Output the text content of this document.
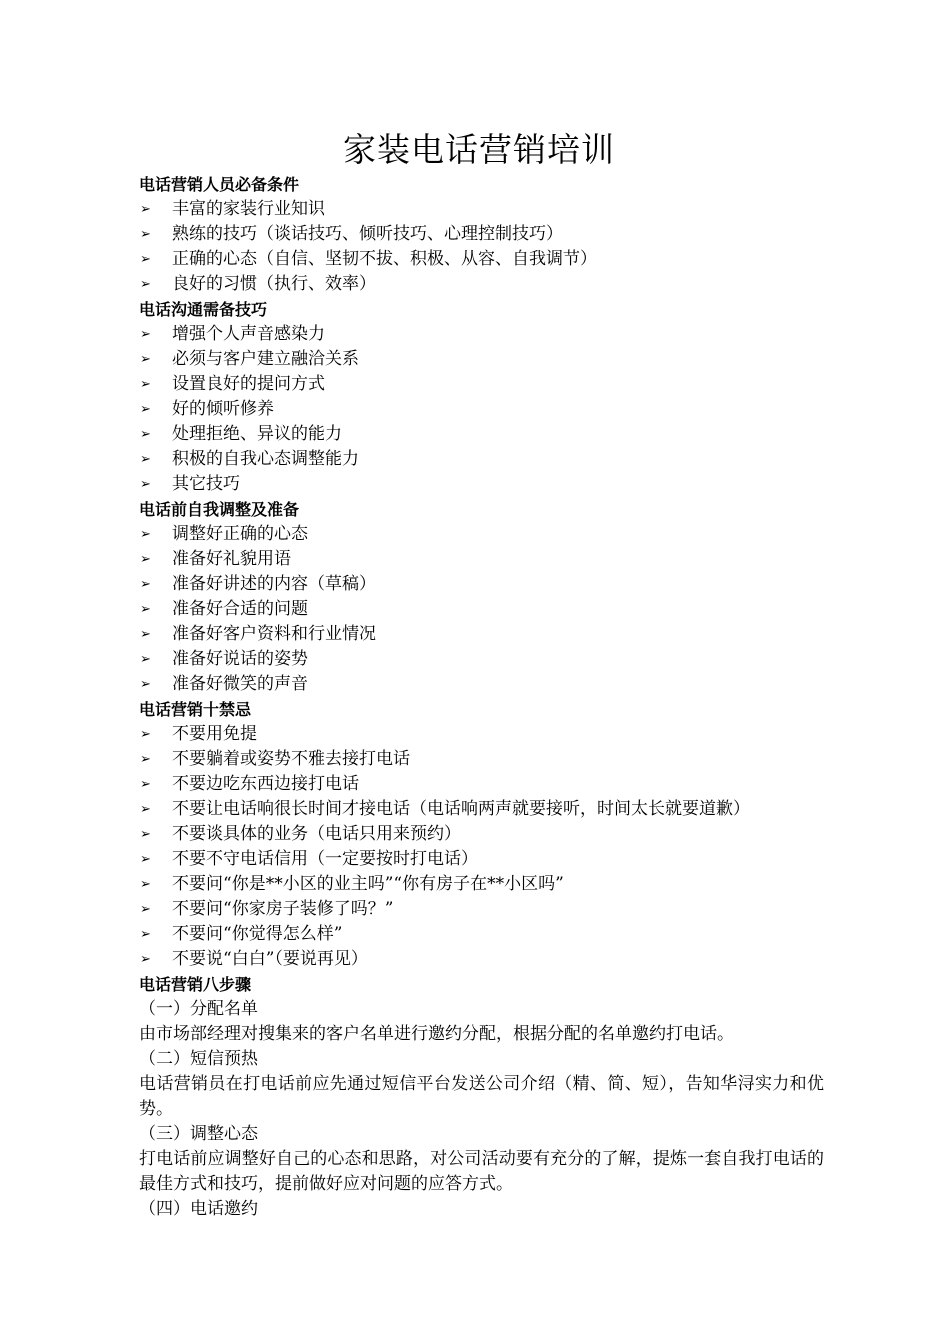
家装电话营销培训
电话营销人员必备条件
➢	丰富的家装行业知识
➢	熟练的技巧（谈话技巧、倾听技巧、心理控制技巧）
➢	正确的心态（自信、坚韧不拔、积极、从容、自我调节）
➢	良好的习惯（执行、效率）
电话沟通需备技巧
➢	增强个人声音感染力
➢	必须与客户建立融洽关系
➢	设置良好的提问方式
➢	好的倾听修养
➢	处理拒绝、异议的能力
➢	积极的自我心态调整能力
➢	其它技巧
电话前自我调整及准备
➢	调整好正确的心态
➢	准备好礼貌用语
➢	准备好讲述的内容（草稿）
➢	准备好合适的问题
➢	准备好客户资料和行业情况
➢	准备好说话的姿势
➢	准备好微笑的声音
电话营销十禁忌
➢	不要用免提
➢	不要躺着或姿势不雅去接打电话
➢	不要边吃东西边接打电话
➢	不要让电话响很长时间才接电话（电话响两声就要接听，时间太长就要道歉）
➢	不要谈具体的业务（电话只用来预约）
➢	不要不守电话信用（一定要按时打电话）
➢	不要问“你是**小区的业主吗”“你有房子在**小区吗”
➢	不要问“你家房子装修了吗？”
➢	不要问“你觉得怎么样”
➢	不要说“白白”（要说再见）
电话营销八步骤
（一）分配名单

由市场部经理对搜集来的客户名单进行邀约分配，根据分配的名单邀约打电话。

（二）短信预热

电话营销员在打电话前应先通过短信平台发送公司介绍（精、简、短），告知华浔实力和优势。

（三）调整心态

打电话前应调整好自己的心态和思路，对公司活动要有充分的了解，提炼一套自我打电话的最佳方式和技巧，提前做好应对问题的应答方式。

（四）电话邀约
